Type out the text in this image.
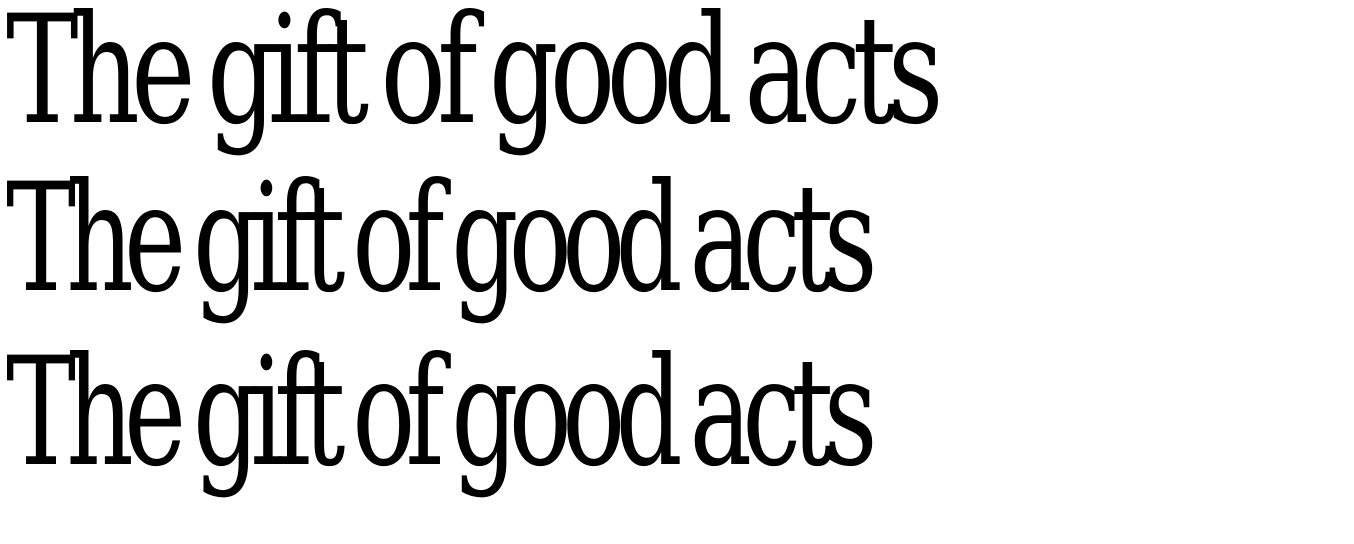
The gift of good acts

The gift of good acts

The gift of good acts
